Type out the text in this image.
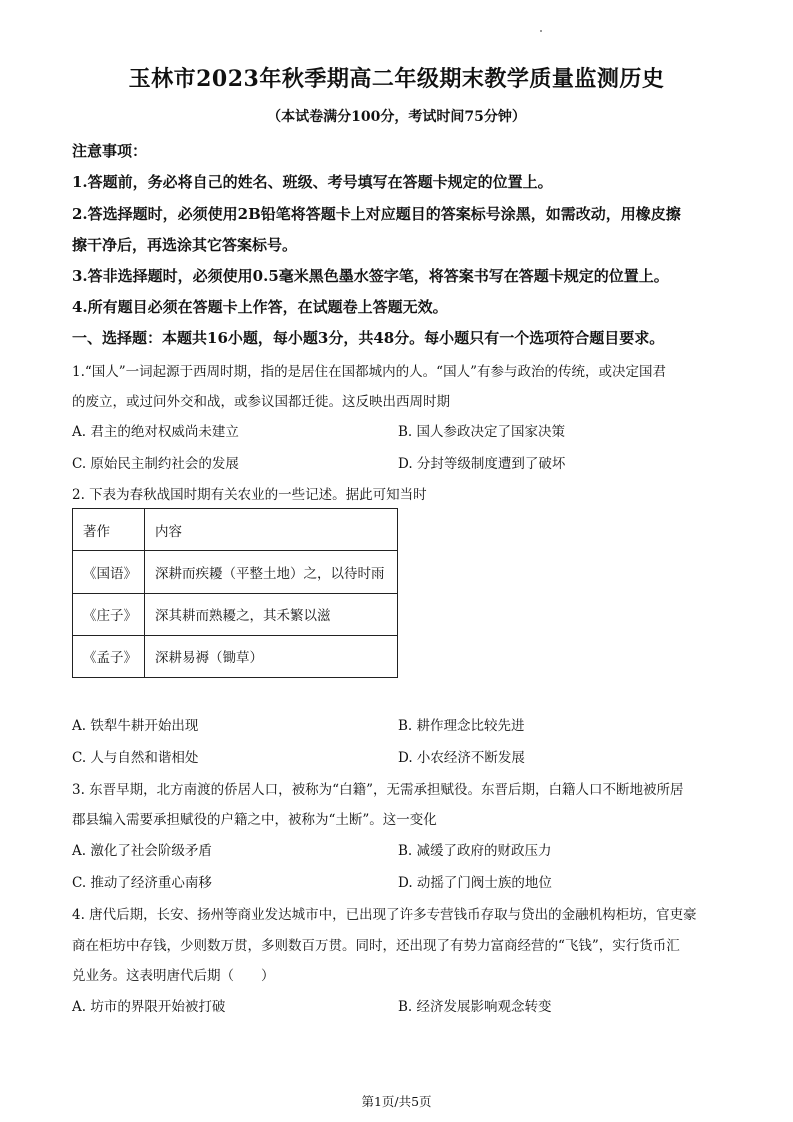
玉林市2023年秋季期高二年级期末教学质量监测历史
（本试卷满分100分，考试时间75分钟）
注意事项：
1.答题前，务必将自己的姓名、班级、考号填写在答题卡规定的位置上。
2.答选择题时，必须使用2B铅笔将答题卡上对应题目的答案标号涂黑，如需改动，用橡皮擦
擦干净后，再选涂其它答案标号。
3.答非选择题时，必须使用0.5毫米黑色墨水签字笔，将答案书写在答题卡规定的位置上。
4.所有题目必须在答题卡上作答，在试题卷上答题无效。
一、选择题：本题共16小题，每小题3分，共48分。每小题只有一个选项符合题目要求。
1.“国人”一词起源于西周时期，指的是居住在国都城内的人。“国人”有参与政治的传统，或决定国君
的废立，或过问外交和战，或参议国都迁徙。这反映出西周时期
A. 君主的绝对权威尚未建立	B. 国人参政决定了国家决策
C. 原始民主制约社会的发展	D. 分封等级制度遭到了破坏
2. 下表为春秋战国时期有关农业的一些记述。据此可知当时
著作	内容
《国语》	深耕而疾耰（平整土地）之，以待时雨
《庄子》	深其耕而熟耰之，其禾繁以滋
《孟子》	深耕易褥（锄草）
A. 铁犁牛耕开始出现	B. 耕作理念比较先进
C. 人与自然和谐相处	D. 小农经济不断发展
3. 东晋早期，北方南渡的侨居人口，被称为“白籍”，无需承担赋役。东晋后期，白籍人口不断地被所居
郡县编入需要承担赋役的户籍之中，被称为“土断”。这一变化
A. 激化了社会阶级矛盾	B. 减缓了政府的财政压力
C. 推动了经济重心南移	D. 动摇了门阀士族的地位
4. 唐代后期，长安、扬州等商业发达城市中，已出现了许多专营钱币存取与贷出的金融机构柜坊，官吏豪
商在柜坊中存钱，少则数万贯，多则数百万贯。同时，还出现了有势力富商经营的“飞钱”，实行货币汇
兑业务。这表明唐代后期（　　）
A. 坊市的界限开始被打破	B. 经济发展影响观念转变
第1页/共5页
